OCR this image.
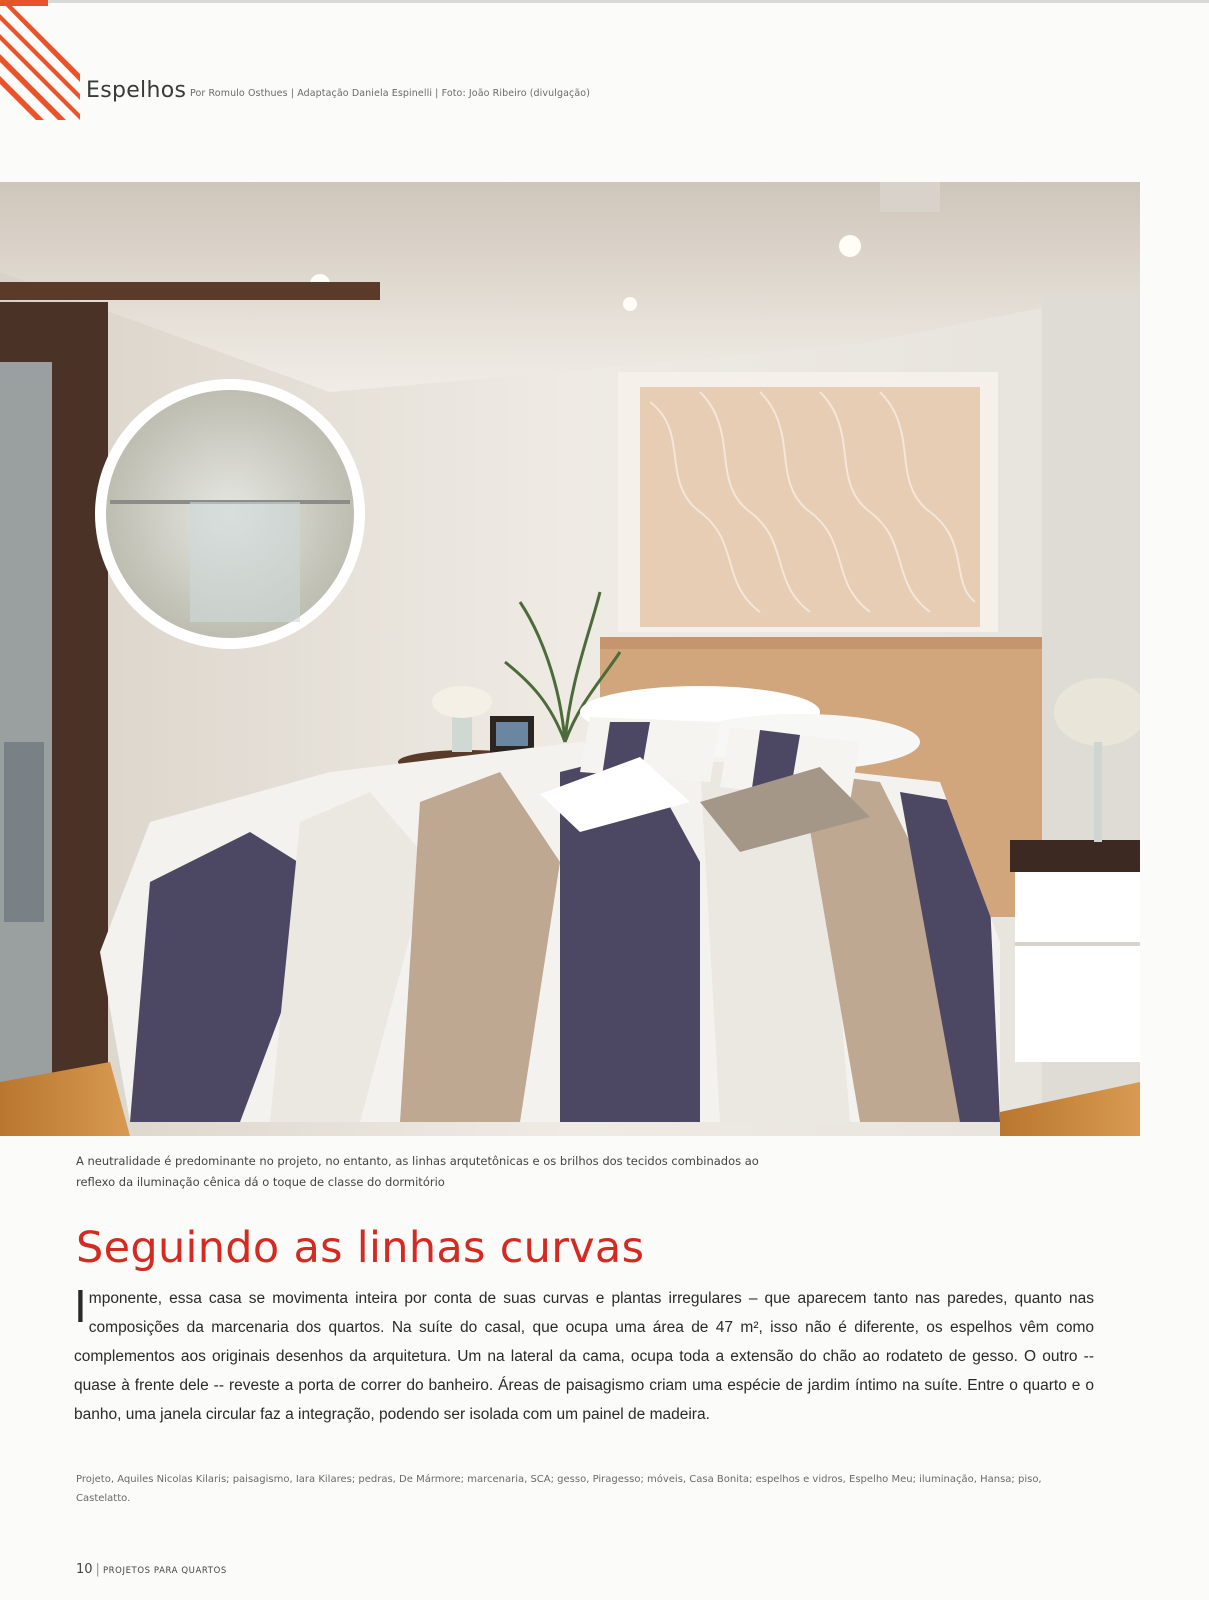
Espelhos Por Romulo Osthues | Adaptação Daniela Espinelli | Foto: João Ribeiro (divulgação)
A neutralidade é predominante no projeto, no entanto, as linhas arqutetônicas e os brilhos dos tecidos combinados ao reflexo da iluminação cênica dá o toque de classe do dormitório
Seguindo as linhas curvas
I mponente, essa casa se movimenta inteira por conta de suas curvas e plantas irregulares – que aparecem tanto nas paredes, quanto nas composições da marcenaria dos quartos. Na suíte do casal, que ocupa uma área de 47 m², isso não é diferente, os espelhos vêm como complementos aos originais desenhos da arquitetura. Um na lateral da cama, ocupa toda a extensão do chão ao rodateto de gesso. O outro -- quase à frente dele -- reveste a porta de correr do banheiro. Áreas de paisagismo criam uma espécie de jardim íntimo na suíte. Entre o quarto e o banho, uma janela circular faz a integração, podendo ser isolada com um painel de madeira.
Projeto, Aquiles Nicolas Kilaris; paisagismo, Iara Kilares; pedras, De Mármore; marcenaria, SCA; gesso, Piragesso; móveis, Casa Bonita; espelhos e vidros, Espelho Meu; iluminação, Hansa; piso, Castelatto.
10 | PROJETOS PARA QUARTOS
